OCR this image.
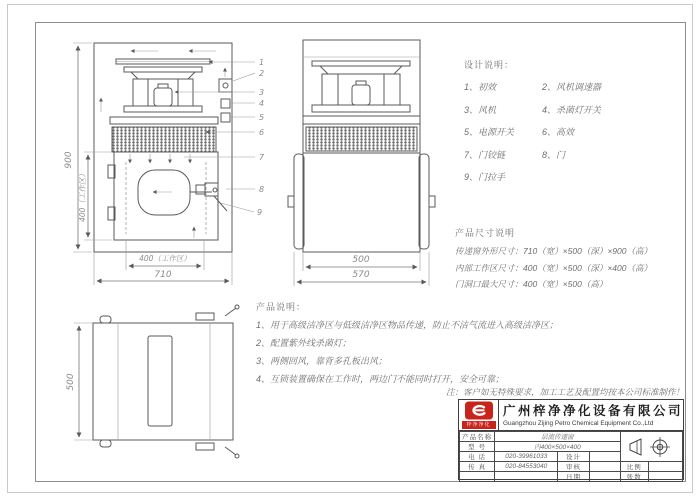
1
2
3
4
5
6
7
8
9
900
400（工作区）
400（工作区）
710
500
570
500
设计说明：
1、初效	2、风机调速器
3、风机	4、杀菌灯开关
5、电源开关	6、高效
7、门铰链	8、门
9、门拉手
产品尺寸说明
传递窗外形尺寸：710（宽）×500（深）×900（高）
内部工作区尺寸：400（宽）×500（深）×400（高）
门洞口最大尺寸：400（宽）×500（高）
产品说明：
1、用于高级洁净区与低级洁净区物品传递，防止不洁气流进入高级洁净区；
2、配置紫外线杀菌灯；
3、两侧回风，靠背多孔板出风；
4、互锁装置确保在工作时，两边门不能同时打开，安全可靠；
注：客户如无特殊要求，加工工艺及配置均按本公司标准制作！
梓净净化
广州梓净净化设备有限公司
Guangzhou Zijing Petro Chemical Equipment Co.,Ltd
产品名称	层流传递窗	

型 号	内400×500×400				
电 话	020-39961033	设计			
传 真	020-84553040	审核		比例	
		日期		张数	
